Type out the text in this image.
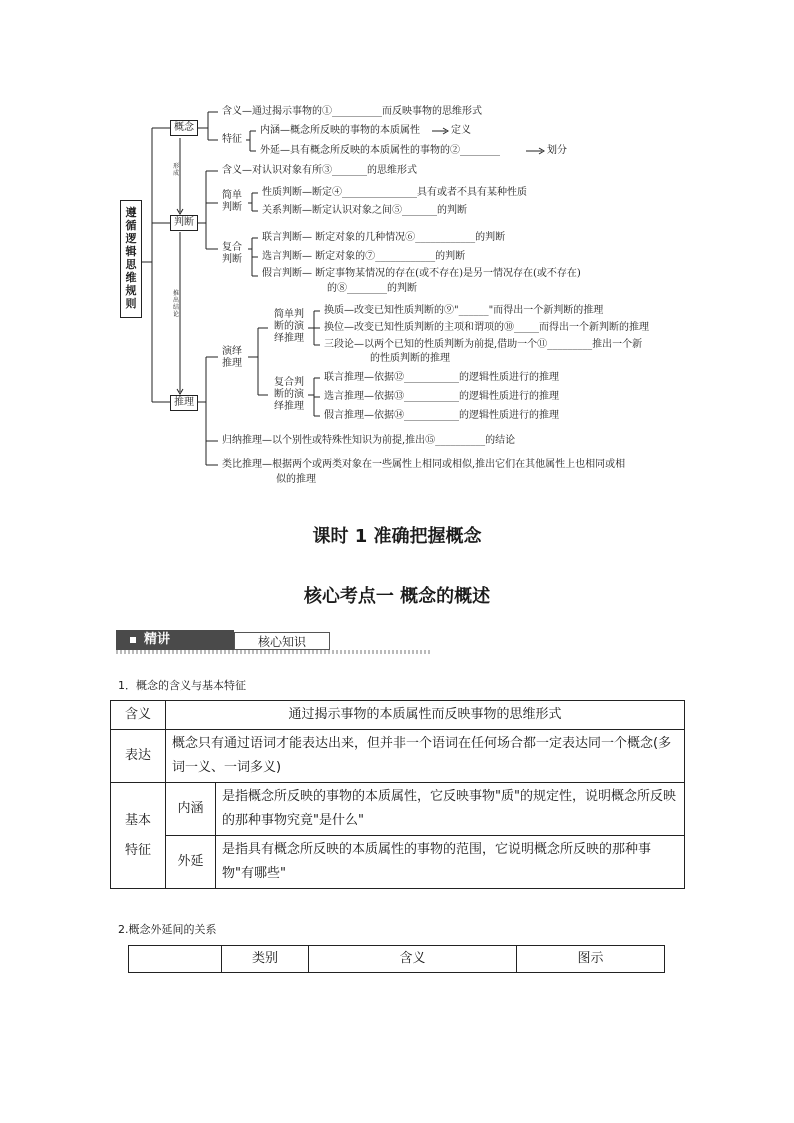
遵循逻辑思维规则
概念
判断
推理
形成
推出结论
含义—通过揭示事物的①__________而反映事物的思维形式
特征
内涵—概念所反映的事物的本质属性	定义
外延—具有概念所反映的本质属性的事物的②________	划分
含义—对认识对象有所③_______的思维形式
简单判断
性质判断—断定④_______________具有或者不具有某种性质
关系判断—断定认识对象之间⑤_______的判断
复合判断
联言判断— 断定对象的几种情况⑥____________的判断
选言判断— 断定对象的⑦____________的判断
假言判断— 断定事物某情况的存在(或不存在)是另一情况存在(或不存在)
的⑧________的判断
演绎推理
简单判断的演绎推理
换质—改变已知性质判断的⑨"______"而得出一个新判断的推理
换位—改变已知性质判断的主项和谓项的⑩_____而得出一个新判断的推理
三段论—以两个已知的性质判断为前提,借助一个⑪_________推出一个新
的性质判断的推理
复合判断的演绎推理
联言推理—依据⑫___________的逻辑性质进行的推理
选言推理—依据⑬___________的逻辑性质进行的推理
假言推理—依据⑭___________的逻辑性质进行的推理
归纳推理—以个别性或特殊性知识为前提,推出⑮__________的结论
类比推理—根据两个或两类对象在一些属性上相同或相似,推出它们在其他属性上也相同或相
似的推理
课时 1 准确把握概念
核心考点一 概念的概述
精讲	核心知识
1．概念的含义与基本特征
含义	通过揭示事物的本质属性而反映事物的思维形式	
表达	概念只有通过语词才能表达出来，但并非一个语词在任何场合都一定表达同一个概念(多词一义、一词多义)	

基本特征	内涵	是指概念所反映的事物的本质属性，它反映事物"质"的规定性，说明概念所反映的那种事物究竟"是什么"
	外延	是指具有概念所反映的本质属性的事物的范围，它说明概念所反映的那种事物"有哪些"
2.概念外延间的关系
	类别	含义	图示
